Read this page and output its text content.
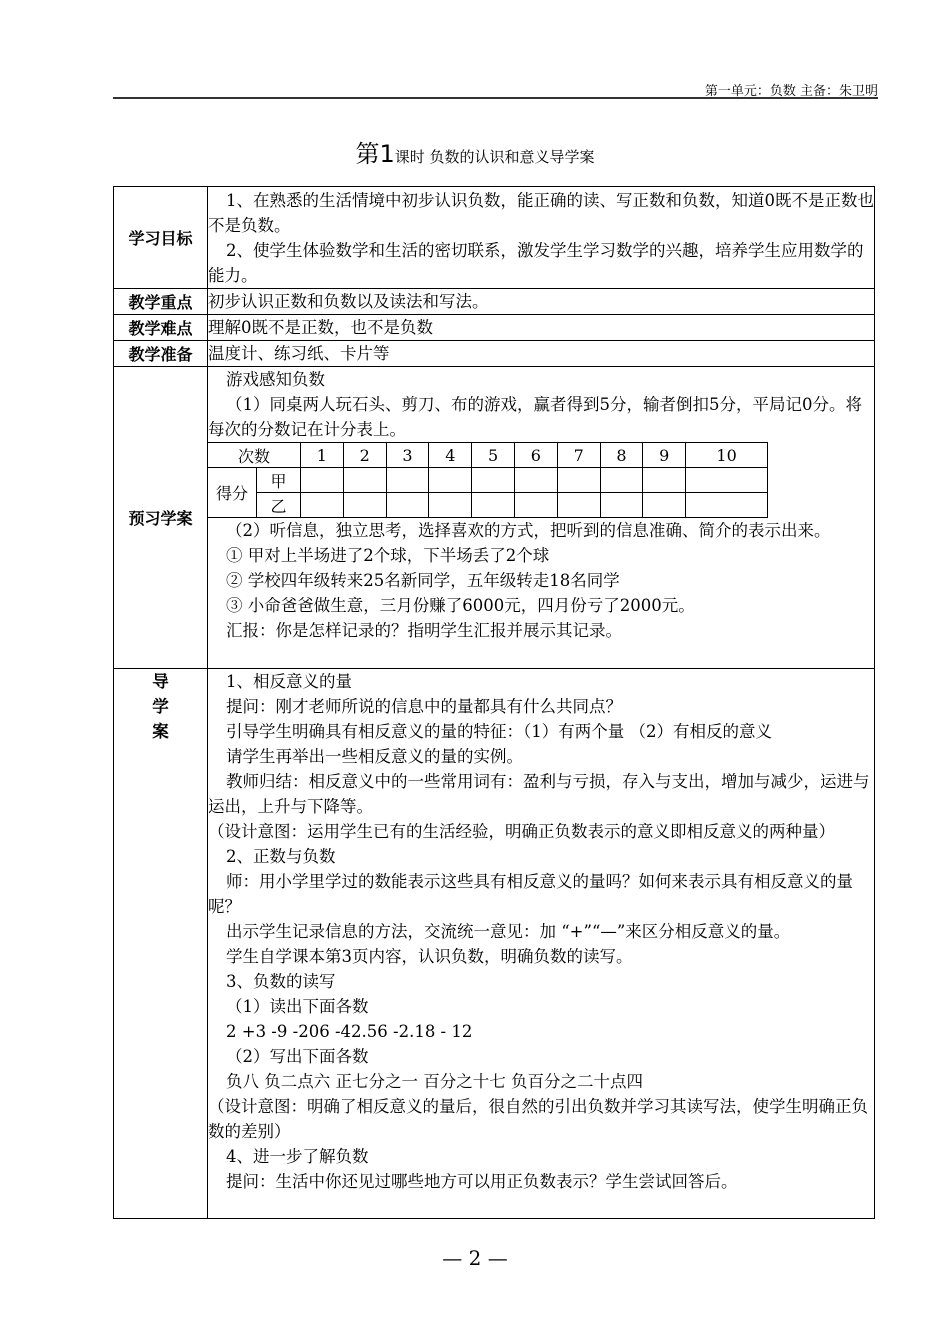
第一单元：负数 主备：朱卫明
第1课时 负数的认识和意义导学案
学习目标	
1、在熟悉的生活情境中初步认识负数，能正确的读、写正数和负数，知道0既不是正数也不是负数。
2、使学生体验数学和生活的密切联系，激发学生学习数学的兴趣，培养学生应用数学的能力。

教学重点	初步认识正数和负数以及读法和写法。
教学难点	理解0既不是正数，也不是负数
教学准备	温度计、练习纸、卡片等
预习学案	
游戏感知负数
（1）同桌两人玩石头、剪刀、布的游戏，赢者得到5分，输者倒扣5分，平局记0分。将每次的分数记在计分表上。
次数	1	2	3	4	5	6	7	8	9	10
得分	甲										
乙										
（2）听信息，独立思考，选择喜欢的方式，把听到的信息准确、简介的表示出来。
① 甲对上半场进了2个球，下半场丢了2个球
② 学校四年级转来25名新同学，五年级转走18名同学
③ 小命爸爸做生意，三月份赚了6000元，四月份亏了2000元。
汇报：你是怎样记录的？指明学生汇报并展示其记录。

导
学
案

1、相反意义的量
提问：刚才老师所说的信息中的量都具有什么共同点？
引导学生明确具有相反意义的量的特征：（1）有两个量 （2）有相反的意义
请学生再举出一些相反意义的量的实例。
教师归结：相反意义中的一些常用词有：盈利与亏损，存入与支出，增加与减少，运进与运出，上升与下降等。
（设计意图：运用学生已有的生活经验，明确正负数表示的意义即相反意义的两种量）
2、正数与负数
师：用小学里学过的数能表示这些具有相反意义的量吗？如何来表示具有相反意义的量呢？
出示学生记录信息的方法，交流统一意见：加 “+”“—”来区分相反意义的量。
学生自学课本第3页内容，认识负数，明确负数的读写。
3、负数的读写
（1）读出下面各数
2 +3 -9 -206 -42.56 -2.18 - 12
（2）写出下面各数
负八 负二点六 正七分之一 百分之十七 负百分之二十点四
（设计意图：明确了相反意义的量后，很自然的引出负数并学习其读写法，使学生明确正负数的差别）
4、进一步了解负数
提问：生活中你还见过哪些地方可以用正负数表示？学生尝试回答后。
— 2 —
